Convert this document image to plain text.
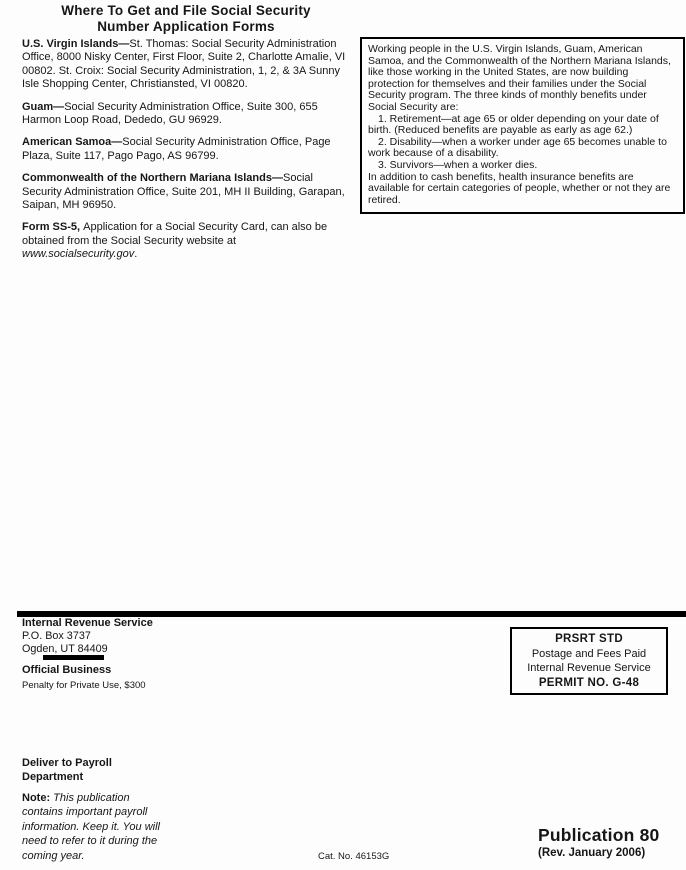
Where To Get and File Social Security
Number Application Forms

U.S. Virgin Islands—St. Thomas: Social Security Administration Office, 8000 Nisky Center, First Floor, Suite 2, Charlotte Amalie, VI 00802. St. Croix: Social Security Administration, 1, 2, & 3A Sunny Isle Shopping Center, Christiansted, VI 00820.

Guam—Social Security Administration Office, Suite 300, 655 Harmon Loop Road, Dededo, GU 96929.

American Samoa—Social Security Administration Office, Page Plaza, Suite 117, Pago Pago, AS 96799.

Commonwealth of the Northern Mariana Islands—Social Security Administration Office, Suite 201, MH II Building, Garapan, Saipan, MH 96950.

Form SS-5, Application for a Social Security Card, can also be obtained from the Social Security website at www.socialsecurity.gov.

Working people in the U.S. Virgin Islands, Guam, American Samoa, and the Commonwealth of the Northern Mariana Islands, like those working in the United States, are now building protection for themselves and their families under the Social Security program. The three kinds of monthly benefits under Social Security are:
1. Retirement—at age 65 or older depending on your date of birth. (Reduced benefits are payable as early as age 62.)
2. Disability—when a worker under age 65 becomes unable to work because of a disability.
3. Survivors—when a worker dies.
In addition to cash benefits, health insurance benefits are available for certain categories of people, whether or not they are retired.
Internal Revenue Service
P.O. Box 3737
Ogden, UT 84409
Official Business
Penalty for Private Use, $300
PRSRT STD
Postage and Fees Paid
Internal Revenue Service
PERMIT NO. G-48
Deliver to Payroll
Department

Note: This publication contains important payroll information. Keep it. You will need to refer to it during the coming year.	Cat. No. 46153G
Publication 80
(Rev. January 2006)
